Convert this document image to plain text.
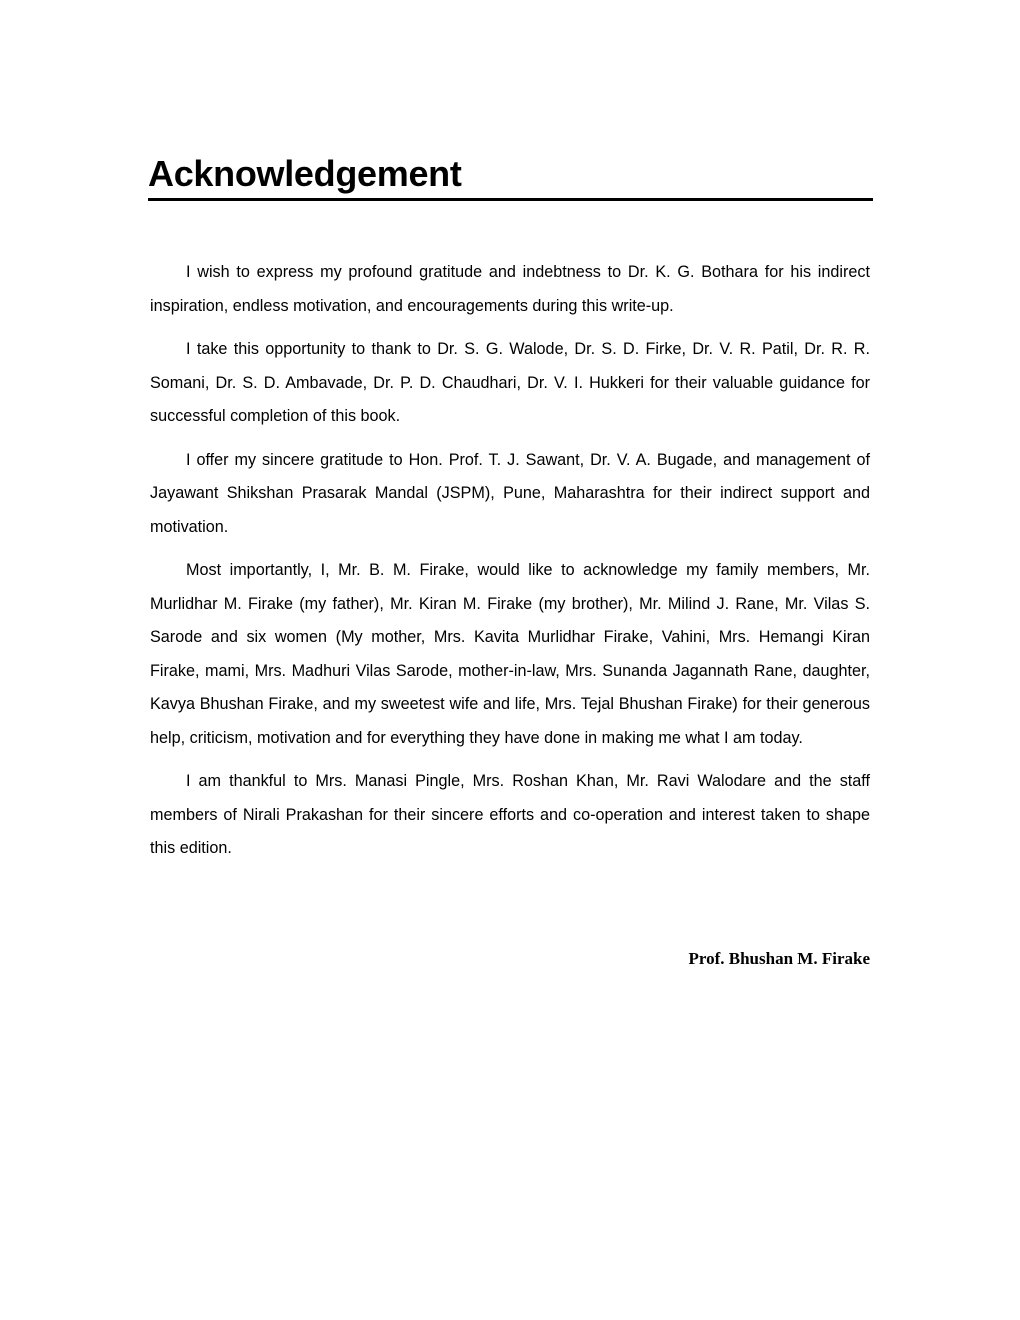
Acknowledgement

I wish to express my profound gratitude and indebtness to Dr. K. G. Bothara for his indirect inspiration, endless motivation, and encouragements during this write-up.

I take this opportunity to thank to Dr. S. G. Walode, Dr. S. D. Firke, Dr. V. R. Patil, Dr. R. R. Somani, Dr. S. D. Ambavade, Dr. P. D. Chaudhari, Dr. V. I. Hukkeri for their valuable guidance for successful completion of this book.

I offer my sincere gratitude to Hon. Prof. T. J. Sawant, Dr. V. A. Bugade, and management of Jayawant Shikshan Prasarak Mandal (JSPM), Pune, Maharashtra for their indirect support and motivation.

Most importantly, I, Mr. B. M. Firake, would like to acknowledge my family members, Mr. Murlidhar M. Firake (my father), Mr. Kiran M. Firake (my brother), Mr. Milind J. Rane, Mr. Vilas S. Sarode and six women (My mother, Mrs. Kavita Murlidhar Firake, Vahini, Mrs. Hemangi Kiran Firake, mami, Mrs. Madhuri Vilas Sarode, mother-in-law, Mrs. Sunanda Jagannath Rane, daughter, Kavya Bhushan Firake, and my sweetest wife and life, Mrs. Tejal Bhushan Firake) for their generous help, criticism, motivation and for everything they have done in making me what I am today.

I am thankful to Mrs. Manasi Pingle, Mrs. Roshan Khan, Mr. Ravi Walodare and the staff members of Nirali Prakashan for their sincere efforts and co-operation and interest taken to shape this edition.

Prof. Bhushan M. Firake
